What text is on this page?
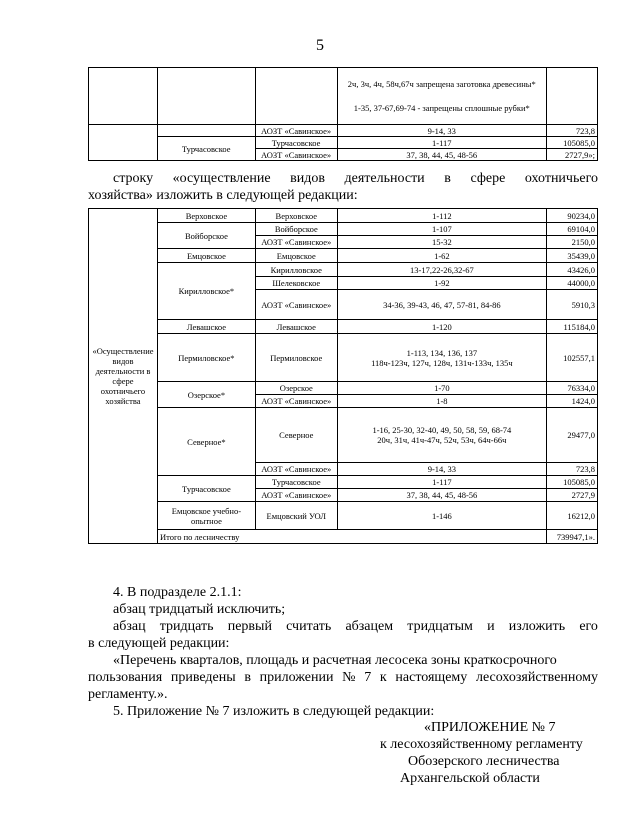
5

			2ч, 3ч, 4ч, 58ч,67ч запрещена заготовка древесины*
1-35, 37-67,69-74 - запрещены сплошные рубки*	

		АОЗТ «Савинское»	9-14, 33	723,8
	Турчасовское	Турчасовское	1-117	105085,0
		АОЗТ «Савинское»	37, 38, 44, 45, 48-56	2727,9»;
строку «осуществление видов деятельности в сфере охотничьего
хозяйства» изложить в следующей редакции:
«Осуществление видов деятельности в сфере охотничьего хозяйства	Верховское	Верховское	1-112	90234,0
	Войборское	Войборское	1-107	69104,0
		АОЗТ «Савинское»	15-32	2150,0
	Емцовское	Емцовское	1-62	35439,0
	Кирилловское*	Кирилловское	13-17,22-26,32-67	43426,0
		Шелековское	1-92	44000,0
		АОЗТ «Савинское»	34-36, 39-43, 46, 47, 57-81, 84-86	5910,3
	Левашское	Левашское	1-120	115184,0
	Пермиловское*	Пермиловское	1-113, 134, 136, 137
118ч-123ч, 127ч, 128ч, 131ч-133ч, 135ч	102557,1
	Озерское*	Озерское	1-70	76334,0
		АОЗТ «Савинское»	1-8	1424,0
	Северное*	Северное	1-16, 25-30, 32-40, 49, 50, 58, 59, 68-74
20ч, 31ч, 41ч-47ч, 52ч, 53ч, 64ч-66ч	29477,0
		АОЗТ «Савинское»	9-14, 33	723,8
	Турчасовское	Турчасовское	1-117	105085,0
		АОЗТ «Савинское»	37, 38, 44, 45, 48-56	2727,9
	Емцовское учебно-опытное	Емцовский УОЛ	1-146	16212,0
	Итого по лесничеству			739947,1».
4. В подразделе 2.1.1:
абзац тридцатый исключить;
абзац тридцать первый считать абзацем тридцатым и изложить его
в следующей редакции:
«Перечень кварталов, площадь и расчетная лесосека зоны краткосрочного
пользования приведены в приложении № 7 к настоящему лесохозяйственному
регламенту.».
5. Приложение № 7 изложить в следующей редакции:
«ПРИЛОЖЕНИЕ № 7
к лесохозяйственному регламенту
Обозерского лесничества
Архангельской области
